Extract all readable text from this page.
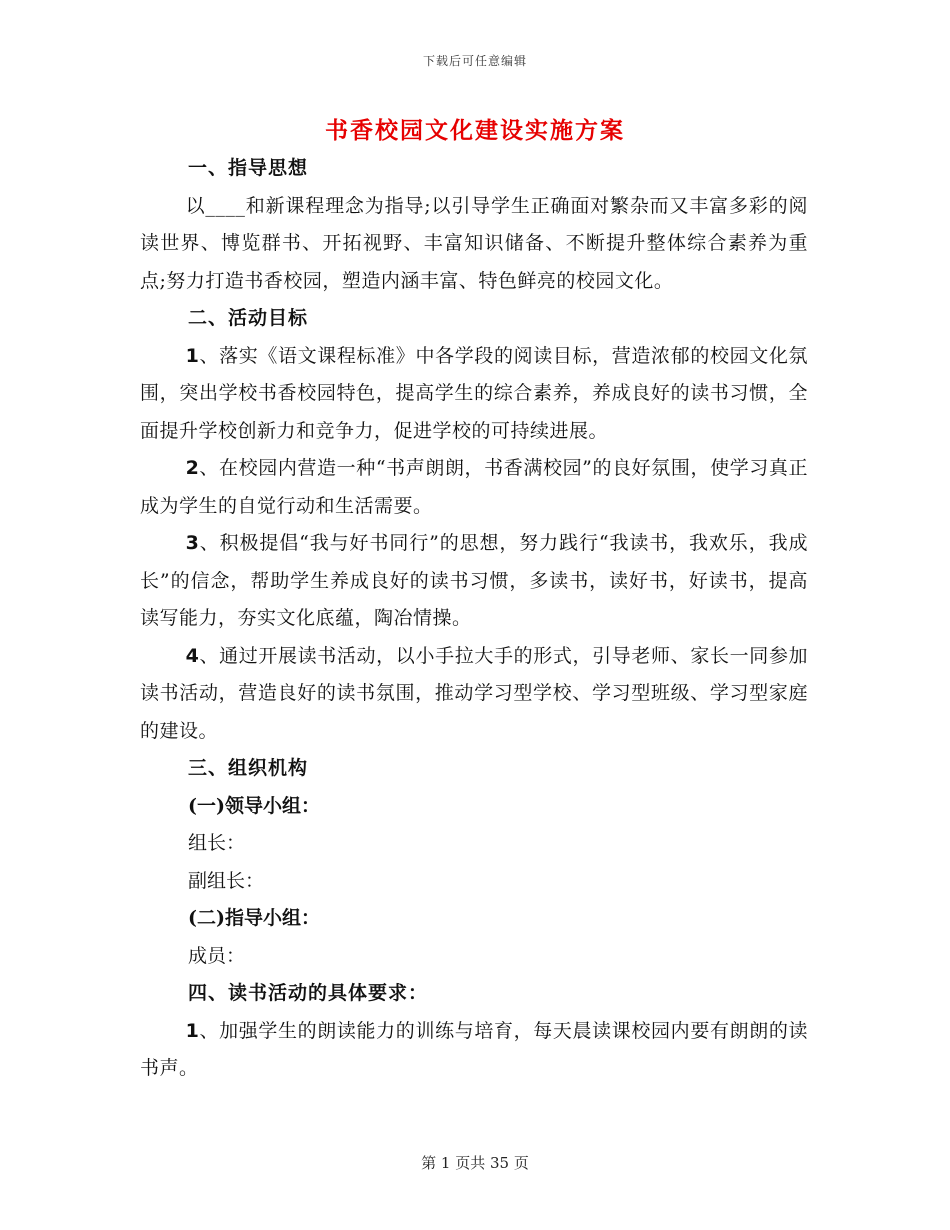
下载后可任意编辑
书香校园文化建设实施方案

一、指导思想

以____和新课程理念为指导;以引导学生正确面对繁杂而又丰富多彩的阅读世界、博览群书、开拓视野、丰富知识储备、不断提升整体综合素养为重点;努力打造书香校园，塑造内涵丰富、特色鲜亮的校园文化。

二、活动目标

1、落实《语文课程标准》中各学段的阅读目标，营造浓郁的校园文化氛围，突出学校书香校园特色，提高学生的综合素养，养成良好的读书习惯，全面提升学校创新力和竞争力，促进学校的可持续进展。

2、在校园内营造一种“书声朗朗，书香满校园”的良好氛围，使学习真正成为学生的自觉行动和生活需要。

3、积极提倡“我与好书同行”的思想，努力践行“我读书，我欢乐，我成长”的信念，帮助学生养成良好的读书习惯，多读书，读好书，好读书，提高读写能力，夯实文化底蕴，陶冶情操。

4、通过开展读书活动，以小手拉大手的形式，引导老师、家长一同参加读书活动，营造良好的读书氛围，推动学习型学校、学习型班级、学习型家庭的建设。

三、组织机构

(一)领导小组：

组长：

副组长：

(二)指导小组：

成员：

四、读书活动的具体要求：

1、加强学生的朗读能力的训练与培育，每天晨读课校园内要有朗朗的读书声。

第 1 页共 35 页
